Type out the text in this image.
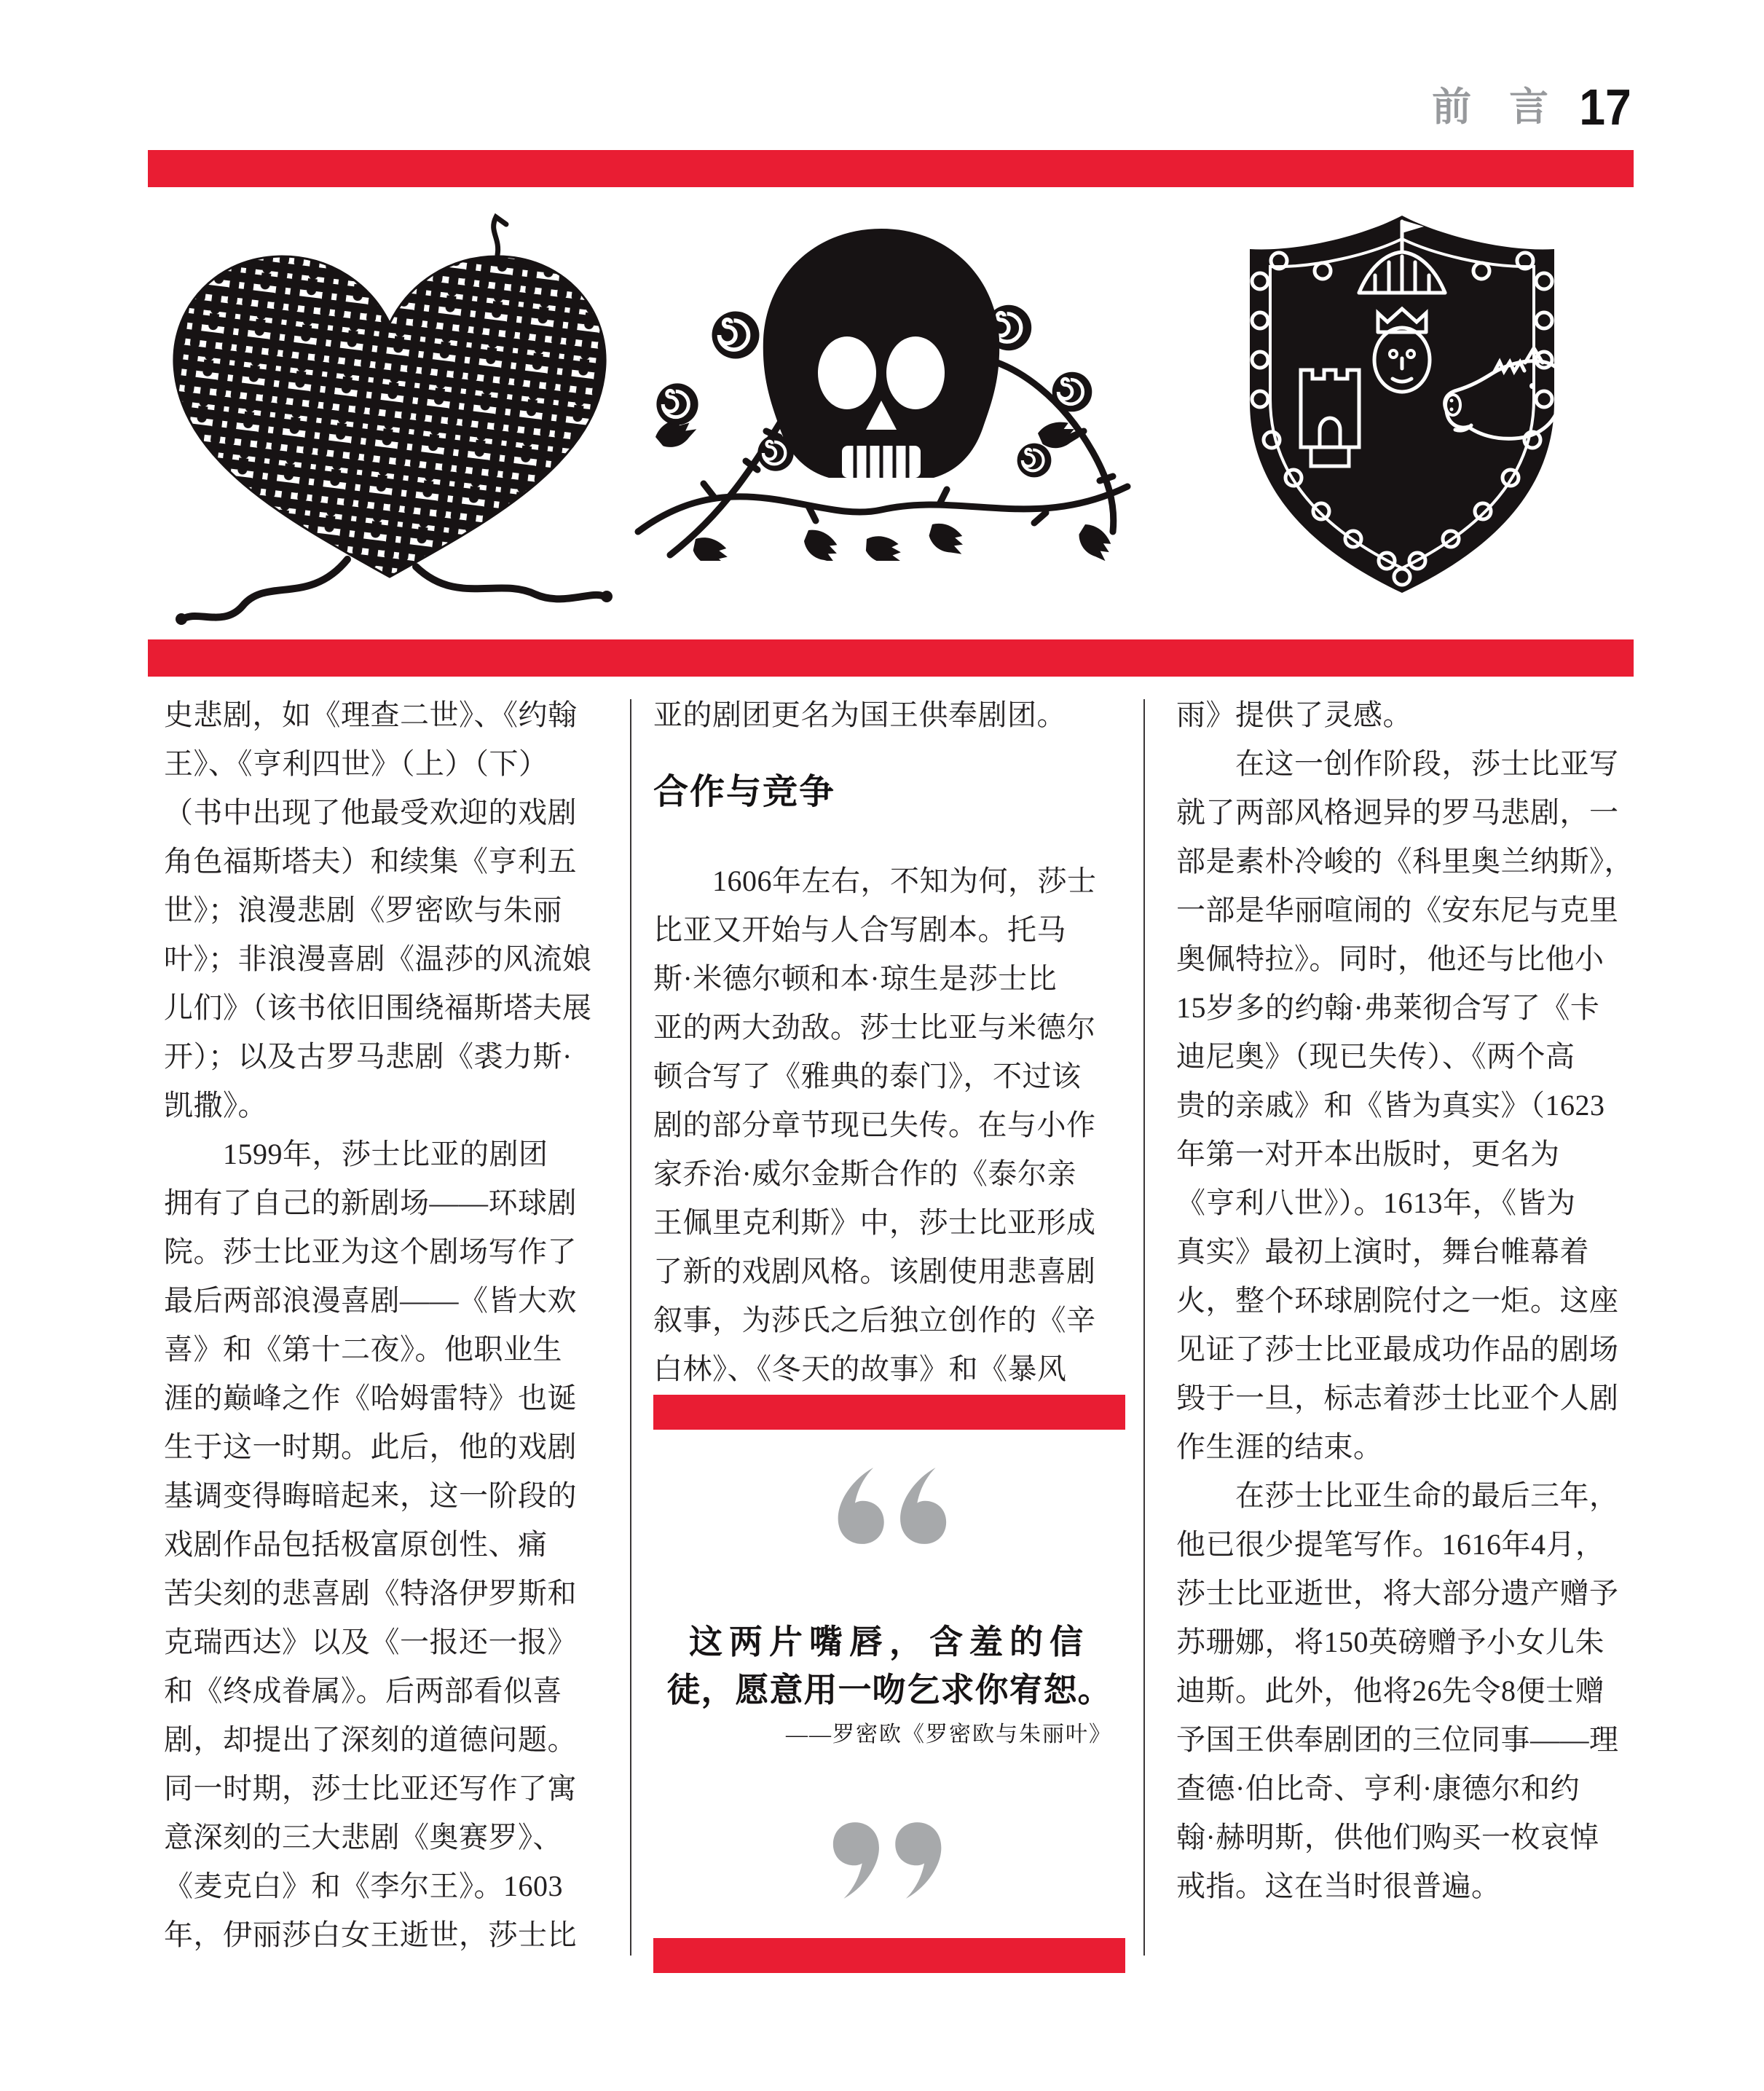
前言
17
史悲剧，如《理查二世》、《约翰
王》、《亨利四世》（上）（下）
（书中出现了他最受欢迎的戏剧
角色福斯塔夫）和续集《亨利五
世》；浪漫悲剧《罗密欧与朱丽
叶》；非浪漫喜剧《温莎的风流娘
儿们》（该书依旧围绕福斯塔夫展
开）；以及古罗马悲剧《裘力斯·
凯撒》。
　　1599年，莎士比亚的剧团
拥有了自己的新剧场——环球剧
院。莎士比亚为这个剧场写作了
最后两部浪漫喜剧——《皆大欢
喜》和《第十二夜》。他职业生
涯的巅峰之作《哈姆雷特》也诞
生于这一时期。此后，他的戏剧
基调变得晦暗起来，这一阶段的
戏剧作品包括极富原创性、痛
苦尖刻的悲喜剧《特洛伊罗斯和
克瑞西达》以及《一报还一报》
和《终成眷属》。后两部看似喜
剧，却提出了深刻的道德问题。
同一时期，莎士比亚还写作了寓
意深刻的三大悲剧《奥赛罗》、
《麦克白》和《李尔王》。1603
年，伊丽莎白女王逝世，莎士比
亚的剧团更名为国王供奉剧团。
合作与竞争
　　1606年左右，不知为何，莎士
比亚又开始与人合写剧本。托马
斯·米德尔顿和本·琼生是莎士比
亚的两大劲敌。莎士比亚与米德尔
顿合写了《雅典的泰门》，不过该
剧的部分章节现已失传。在与小作
家乔治·威尔金斯合作的《泰尔亲
王佩里克利斯》中，莎士比亚形成
了新的戏剧风格。该剧使用悲喜剧
叙事，为莎氏之后独立创作的《辛
白林》、《冬天的故事》和《暴风
这两片嘴唇，含羞的信
徒，愿意用一吻乞求你宥恕。
——罗密欧《罗密欧与朱丽叶》
雨》提供了灵感。
　　在这一创作阶段，莎士比亚写
就了两部风格迥异的罗马悲剧，一
部是素朴冷峻的《科里奥兰纳斯》，
一部是华丽喧闹的《安东尼与克里
奥佩特拉》。同时，他还与比他小
15岁多的约翰·弗莱彻合写了《卡
迪尼奥》（现已失传）、《两个高
贵的亲戚》和《皆为真实》（1623
年第一对开本出版时，更名为
《亨利八世》）。1613年，《皆为
真实》最初上演时，舞台帷幕着
火，整个环球剧院付之一炬。这座
见证了莎士比亚最成功作品的剧场
毁于一旦，标志着莎士比亚个人剧
作生涯的结束。
　　在莎士比亚生命的最后三年，
他已很少提笔写作。1616年4月，
莎士比亚逝世，将大部分遗产赠予
苏珊娜，将150英磅赠予小女儿朱
迪斯。此外，他将26先令8便士赠
予国王供奉剧团的三位同事——理
查德·伯比奇、亨利·康德尔和约
翰·赫明斯，供他们购买一枚哀悼
戒指。这在当时很普遍。
